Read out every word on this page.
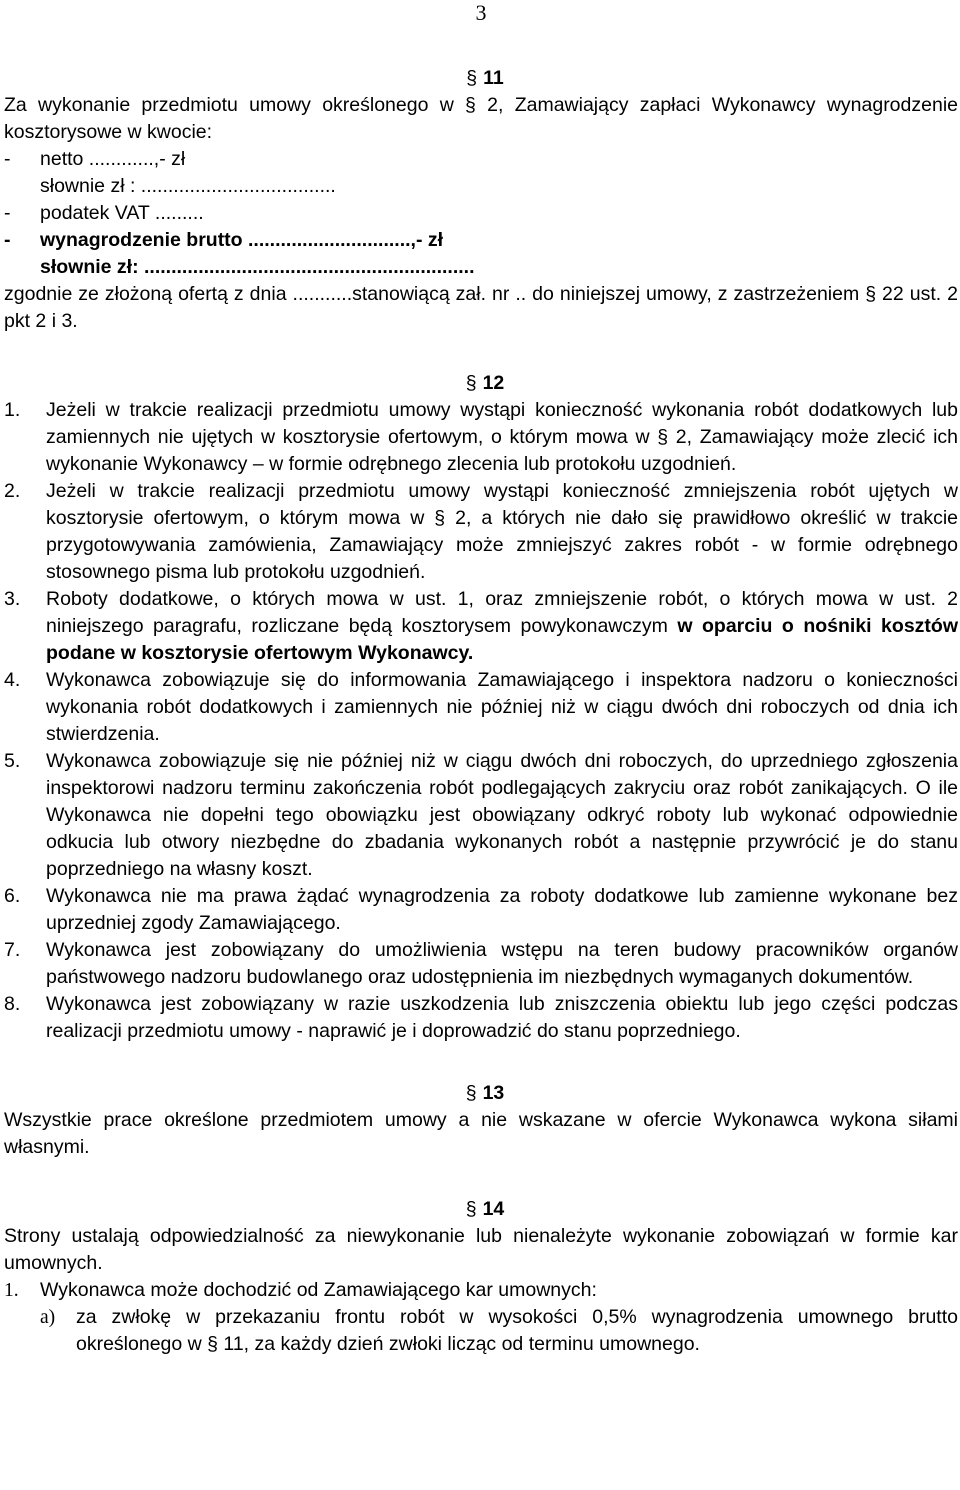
3
§ 11
Za wykonanie przedmiotu umowy określonego w § 2, Zamawiający zapłaci Wykonawcy wynagrodzenie kosztorysowe w kwocie:
-	netto ............,- zł
słownie zł : ....................................
-	podatek VAT .........
-	wynagrodzenie brutto ..............................,- zł
słownie zł: .............................................................
zgodnie ze złożoną ofertą z dnia ...........stanowiącą zał. nr .. do niniejszej umowy, z zastrzeżeniem § 22 ust. 2 pkt 2 i 3.
§ 12
1.	Jeżeli w trakcie realizacji przedmiotu umowy wystąpi konieczność wykonania robót dodatkowych lub zamiennych nie ujętych w kosztorysie ofertowym, o którym mowa w § 2, Zamawiający może zlecić ich wykonanie Wykonawcy – w formie odrębnego zlecenia lub protokołu uzgodnień.
2.	Jeżeli w trakcie realizacji przedmiotu umowy wystąpi konieczność zmniejszenia robót ujętych w kosztorysie ofertowym, o którym mowa w § 2, a których nie dało się prawidłowo określić w trakcie przygotowywania zamówienia, Zamawiający może zmniejszyć zakres robót - w formie odrębnego stosownego pisma lub protokołu uzgodnień.
3.	Roboty dodatkowe, o których mowa w ust. 1, oraz zmniejszenie robót, o których mowa w ust. 2 niniejszego paragrafu, rozliczane będą kosztorysem powykonawczym w oparciu o nośniki kosztów podane w kosztorysie ofertowym Wykonawcy.
4.	Wykonawca zobowiązuje się do informowania Zamawiającego i inspektora nadzoru o konieczności wykonania robót dodatkowych i zamiennych nie później niż w ciągu dwóch dni roboczych od dnia ich stwierdzenia.
5.	Wykonawca zobowiązuje się nie później niż w ciągu dwóch dni roboczych, do uprzedniego zgłoszenia inspektorowi nadzoru terminu zakończenia robót podlegających zakryciu oraz robót zanikających. O ile Wykonawca nie dopełni tego obowiązku jest obowiązany odkryć roboty lub wykonać odpowiednie odkucia lub otwory niezbędne do zbadania wykonanych robót a następnie przywrócić je do stanu poprzedniego na własny koszt.
6.	Wykonawca nie ma prawa żądać wynagrodzenia za roboty dodatkowe lub zamienne wykonane bez uprzedniej zgody Zamawiającego.
7.	Wykonawca jest zobowiązany do umożliwienia wstępu na teren budowy pracowników organów państwowego nadzoru budowlanego oraz udostępnienia im niezbędnych wymaganych dokumentów.
8.	Wykonawca jest zobowiązany w razie uszkodzenia lub zniszczenia obiektu lub jego części podczas realizacji przedmiotu umowy - naprawić je i doprowadzić do stanu poprzedniego.
§ 13
Wszystkie prace określone przedmiotem umowy a nie wskazane w ofercie Wykonawca wykona siłami własnymi.
§ 14
Strony ustalają odpowiedzialność za niewykonanie lub nienależyte wykonanie zobowiązań w formie kar umownych.
1.	Wykonawca może dochodzić od Zamawiającego kar umownych:
a)	za zwłokę w przekazaniu frontu robót w wysokości 0,5% wynagrodzenia umownego brutto określonego w § 11, za każdy dzień zwłoki licząc od terminu umownego.
